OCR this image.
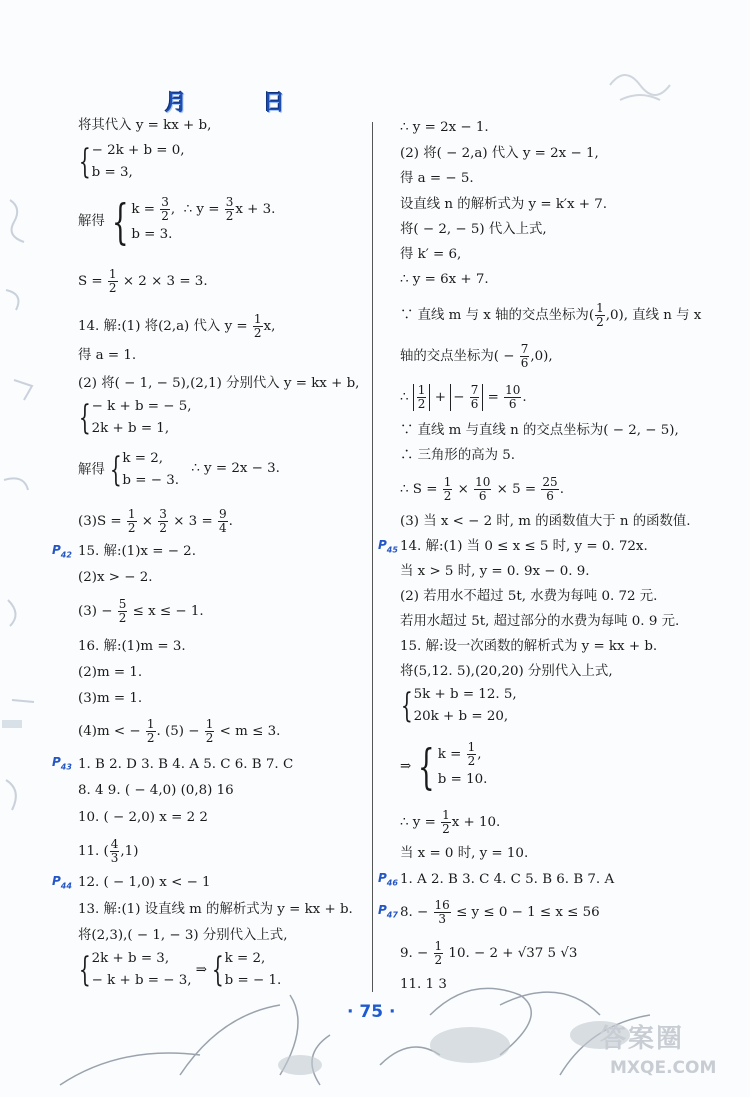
月	日
$P_{42}$
$P_{43}$
$P_{44}$
$P_{45}$
$P_{46}$
$P_{47}$
将其代入 y = kx + b,
{ − 2k + b = 0,
b = 3,
解得 { $k = \frac{3}{2}$ , ∴ $y = \frac{3}{2}$ x + 3.
b = 3.
$S = \frac{1}{2} \times 2 \times 3 = 3$.
14. 解:(1) 将(2,a) 代入 $y = \frac{1}{2} x$,
得 a = 1.
(2) 将( − 1, − 5),(2,1) 分别代入 y = kx + b,
{ − k + b = − 5,
2k + b = 1,
解得 { k = 2,
b = − 3.
∴ y = 2x − 3.
$(3)S = \frac{1}{2} \times \frac{3}{2} \times 3 = \frac{9}{4}$ .
15. 解:(1)x = − 2.
(2)x > − 2.
$(3) - \frac{5}{2} \le x$ ≤ − 1.
16. 解:(1)m = 3.
(2)m = 1.
(3)m = 1.
(4)m < − $\frac{1}{2}$ . $(5) - \frac{1}{2} < m \le 3$.
1. B 2. D 3. B 4. A 5. C 6. B 7. C
8. 4 9. ( − 4,0) (0,8) 16
10. ( − 2,0) x = 2 2
11. ( $\frac{4}{3} ,1$)
12. ( − 1,0) x < − 1
13. 解:(1) 设直线 m 的解析式为 y = kx + b.
将(2,3),( − 1, − 3) 分别代入上式,
{ 2k + b = 3,
− k + b = − 3,
⇒ { k = 2,
b = − 1.
∴ y = 2x − 1.
(2) 将( − 2,a) 代入 y = 2x − 1,
得 a = − 5.
设直线 n 的解析式为 y = k′x + 7.
将( − 2, − 5) 代入上式,
得 k′ = 6,
∴ y = 6x + 7.
∵ 直线 m 与 x 轴的交点坐标为( $\frac{1}{2} ,0$), 直线 n 与 x
轴的交点坐标为( − $\frac{7}{6} ,0$),
∴ $\frac{1}{2}$ + − $\frac{7}{6} = \frac{10}{6}$ .
∵ 直线 m 与直线 n 的交点坐标为( − 2, − 5),
∴ 三角形的高为 5.
∴ $S = \frac{1}{2} \times \frac{10}{6} \times 5 = \frac{25}{6}$ .
(3) 当 x < − 2 时, m 的函数值大于 n 的函数值.
14. 解:(1) 当 0 ≤ x ≤ 5 时, y = 0. 72x.
当 x > 5 时, y = 0. 9x − 0. 9.
(2) 若用水不超过 5t, 水费为每吨 0. 72 元.
若用水超过 5t, 超过部分的水费为每吨 0. 9 元.
15. 解:设一次函数的解析式为 y = kx + b.
将(5,12. 5),(20,20) 分别代入上式,
{ 5k + b = 12. 5,
20k + b = 20,
⇒ { $k = \frac{1}{2}$ ,
b = 10.
∴ $y = \frac{1}{2}$ x + 10.
当 x = 0 时, y = 10.
1. A 2. B 3. C 4. C 5. B 6. B 7. A
8. − $\frac{16}{3} \le y \le 0 - 1 \le x \le 56$
9. − $\frac{1}{2} 10$. − 2 + √37 5 √3
11. 1 3
· 75 ·
答案圈
MXQE.COM
